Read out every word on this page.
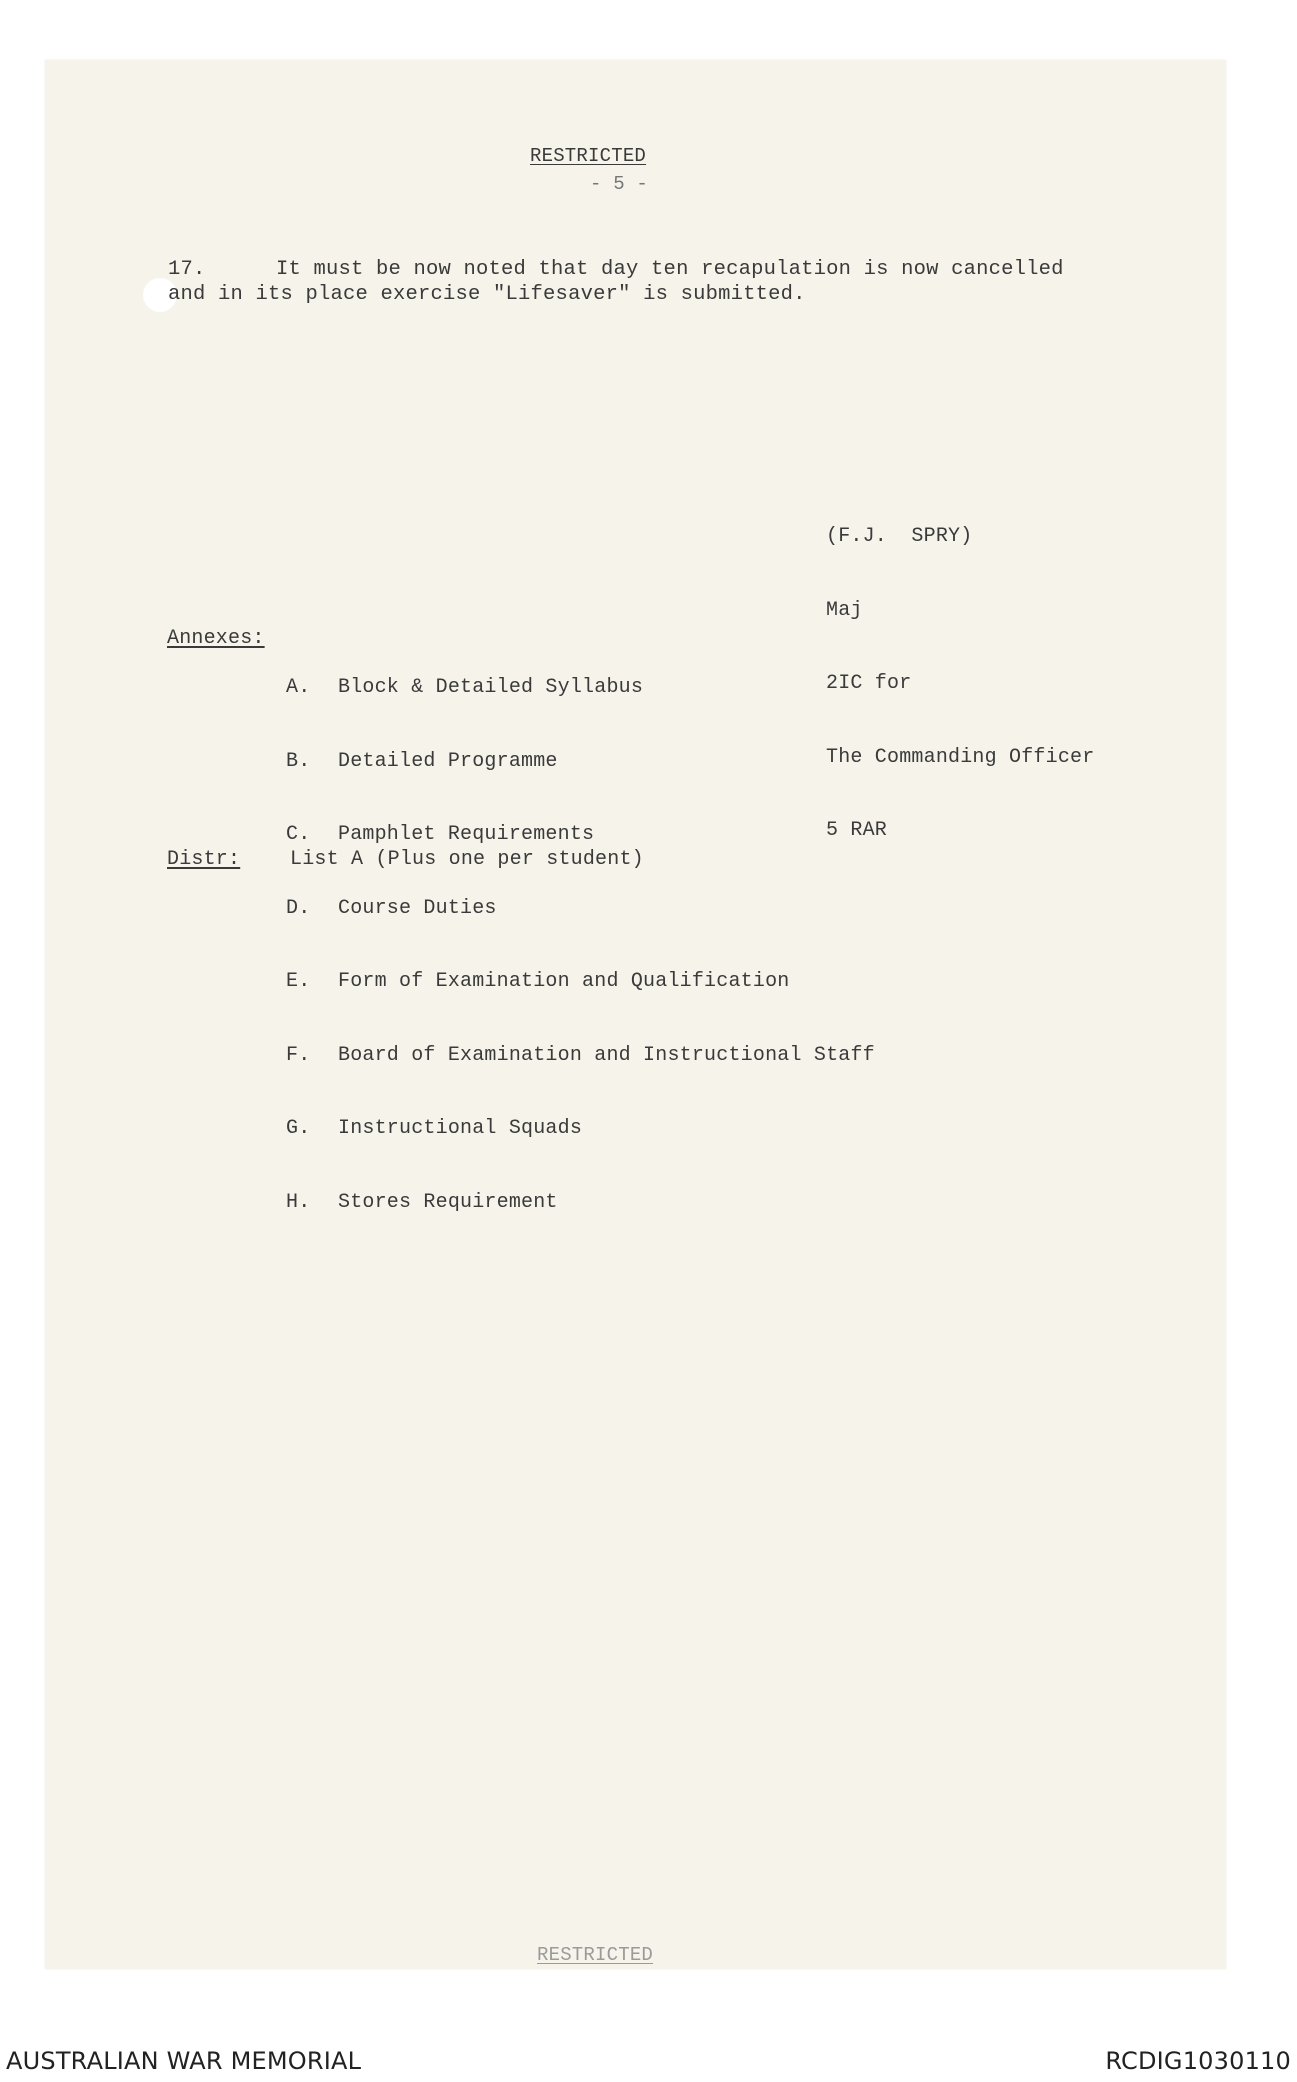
RESTRICTED
- 5 -
17.	It must be now noted that day ten recapulation is now cancelled and in its place exercise "Lifesaver" is submitted.

(F.J.  SPRY)

Maj

2IC for

The Commanding Officer

5 RAR

Annexes:

A. Block & Detailed Syllabus

B. Detailed Programme

C. Pamphlet Requirements

D. Course Duties

E. Form of Examination and Qualification

F. Board of Examination and Instructional Staff

G. Instructional Squads

H. Stores Requirement

Distr: List A (Plus one per student)
RESTRICTED
AUSTRALIAN WAR MEMORIAL	RCDIG1030110
